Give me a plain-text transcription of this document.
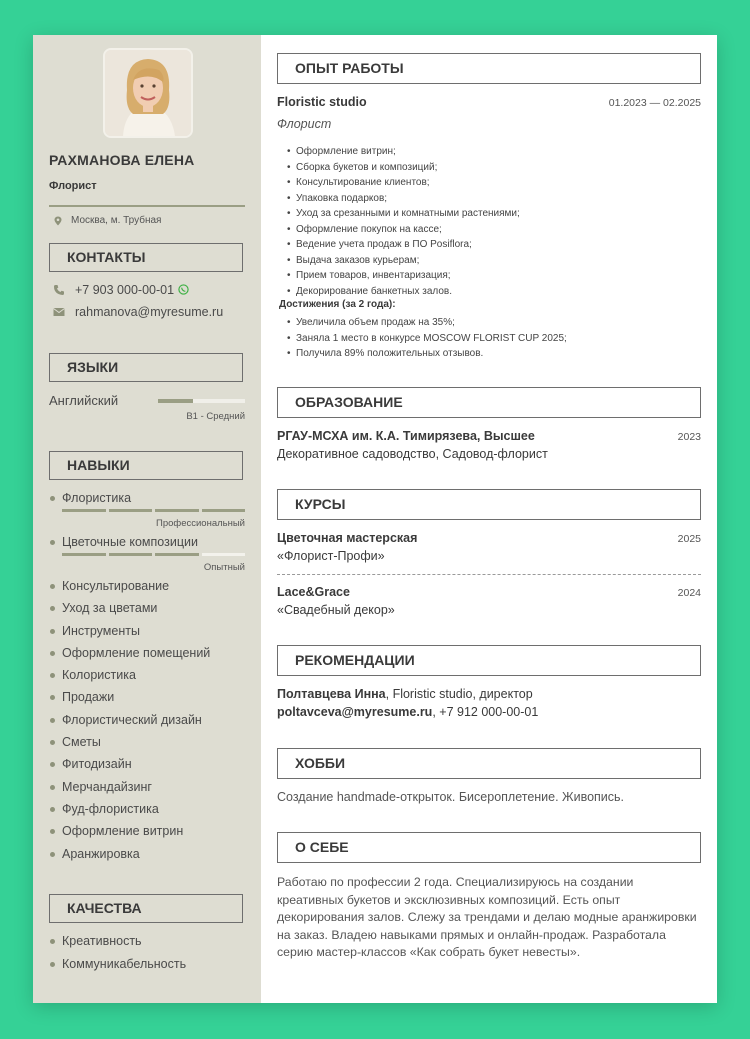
РАХМАНОВА ЕЛЕНА
Флорист
Москва, м. Трубная
КОНТАКТЫ
+7 903 000-00-01
rahmanova@myresume.ru
ЯЗЫКИ
Английский
B1 - Средний
НАВЫКИ
Флористика
Профессиональный
Цветочные композиции
Опытный
Консультирование
Уход за цветами
Инструменты
Оформление помещений
Колористика
Продажи
Флористический дизайн
Сметы
Фитодизайн
Мерчандайзинг
Фуд-флористика
Оформление витрин
Аранжировка
КАЧЕСТВА
Креативность
Коммуникабельность
ОПЫТ РАБОТЫ
Floristic studio	01.2023 — 02.2025
Флорист
• Оформление витрин;
• Сборка букетов и композиций;
• Консультирование клиентов;
• Упаковка подарков;
• Уход за срезанными и комнатными растениями;
• Оформление покупок на кассе;
• Ведение учета продаж в ПО Posiflora;
• Выдача заказов курьерам;
• Прием товаров, инвентаризация;
• Декорирование банкетных залов.
Достижения (за 2 года):
• Увеличила объем продаж на 35%;
• Заняла 1 место в конкурсе MOSCOW FLORIST CUP 2025;
• Получила 89% положительных отзывов.
ОБРАЗОВАНИЕ
РГАУ-МСХА им. К.А. Тимирязева, Высшее	2023
Декоративное садоводство, Садовод-флорист
КУРСЫ
Цветочная мастерская	2025
«Флорист-Профи»
Lace&Grace	2024
«Свадебный декор»
РЕКОМЕНДАЦИИ
Полтавцева Инна, Floristic studio, директор
poltavceva@myresume.ru, +7 912 000-00-01
ХОББИ
Создание handmade-открыток. Бисероплетение. Живопись.
О СЕБЕ
Работаю по профессии 2 года. Специализируюсь на создании креативных букетов и эксклюзивных композиций. Есть опыт декорирования залов. Слежу за трендами и делаю модные аранжировки на заказ. Владею навыками прямых и онлайн-продаж. Разработала серию мастер-классов «Как собрать букет невесты».
